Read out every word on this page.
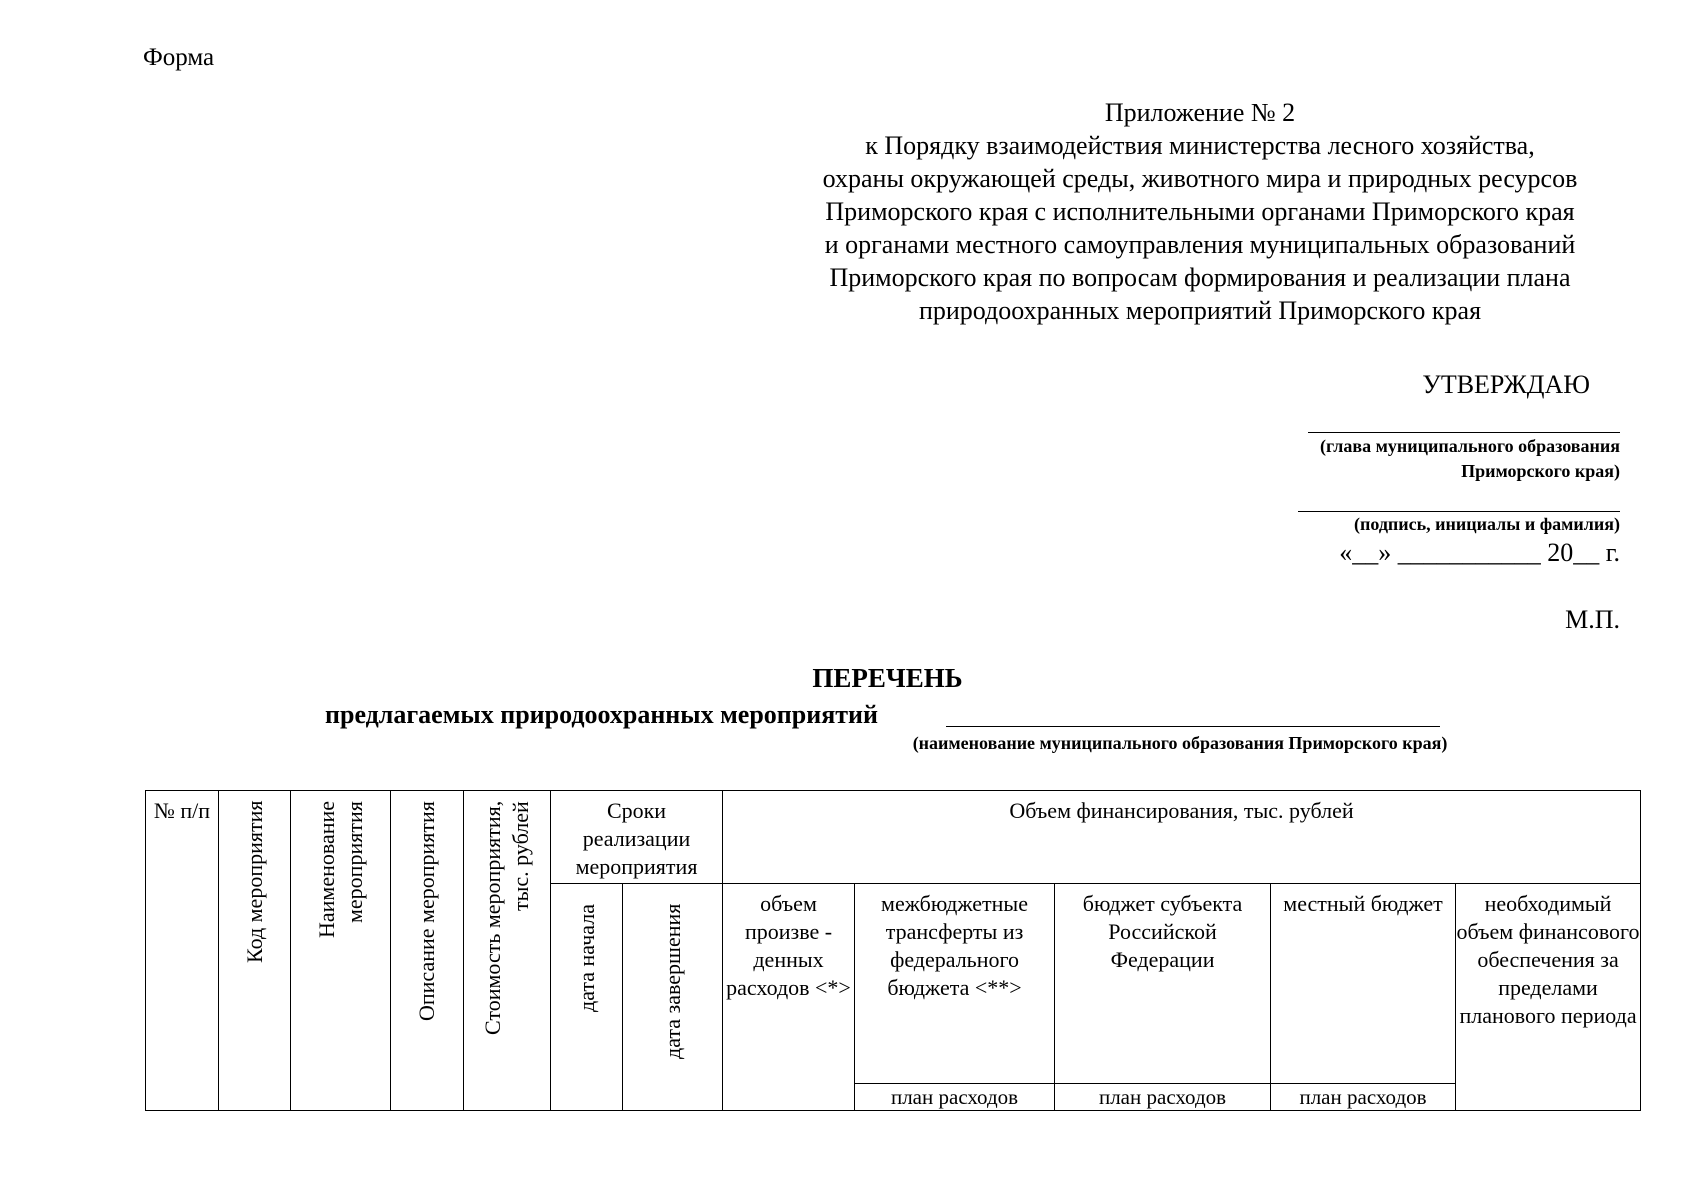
Форма
Приложение № 2
к Порядку взаимодействия министерства лесного хозяйства,
охраны окружающей среды, животного мира и природных ресурсов
Приморского края с исполнительными органами Приморского края
и органами местного самоуправления муниципальных образований
Приморского края по вопросам формирования и реализации плана
природоохранных мероприятий Приморского края
УТВЕРЖДАЮ
(глава муниципального образования
Приморского края)
(подпись, инициалы и фамилия)
«__» ___________ 20__ г.
М.П.
ПЕРЕЧЕНЬ
предлагаемых природоохранных мероприятий
(наименование муниципального образования Приморского края)
№ п/п	Код мероприятия	Наименование мероприятия	Описание мероприятия	Стоимость мероприятия, тыс. рублей	Сроки реализации мероприятия		Объем финансирования, тыс. рублей				
					дата начала	дата завершения	объем произве - денных расходов <*>	межбюджетные трансферты из федерального бюджета <**>	бюджет субъекта Российской Федерации	местный бюджет	необходимый объем финансового обеспечения за пределами планового периода
								план расходов	план расходов	план расходов	
